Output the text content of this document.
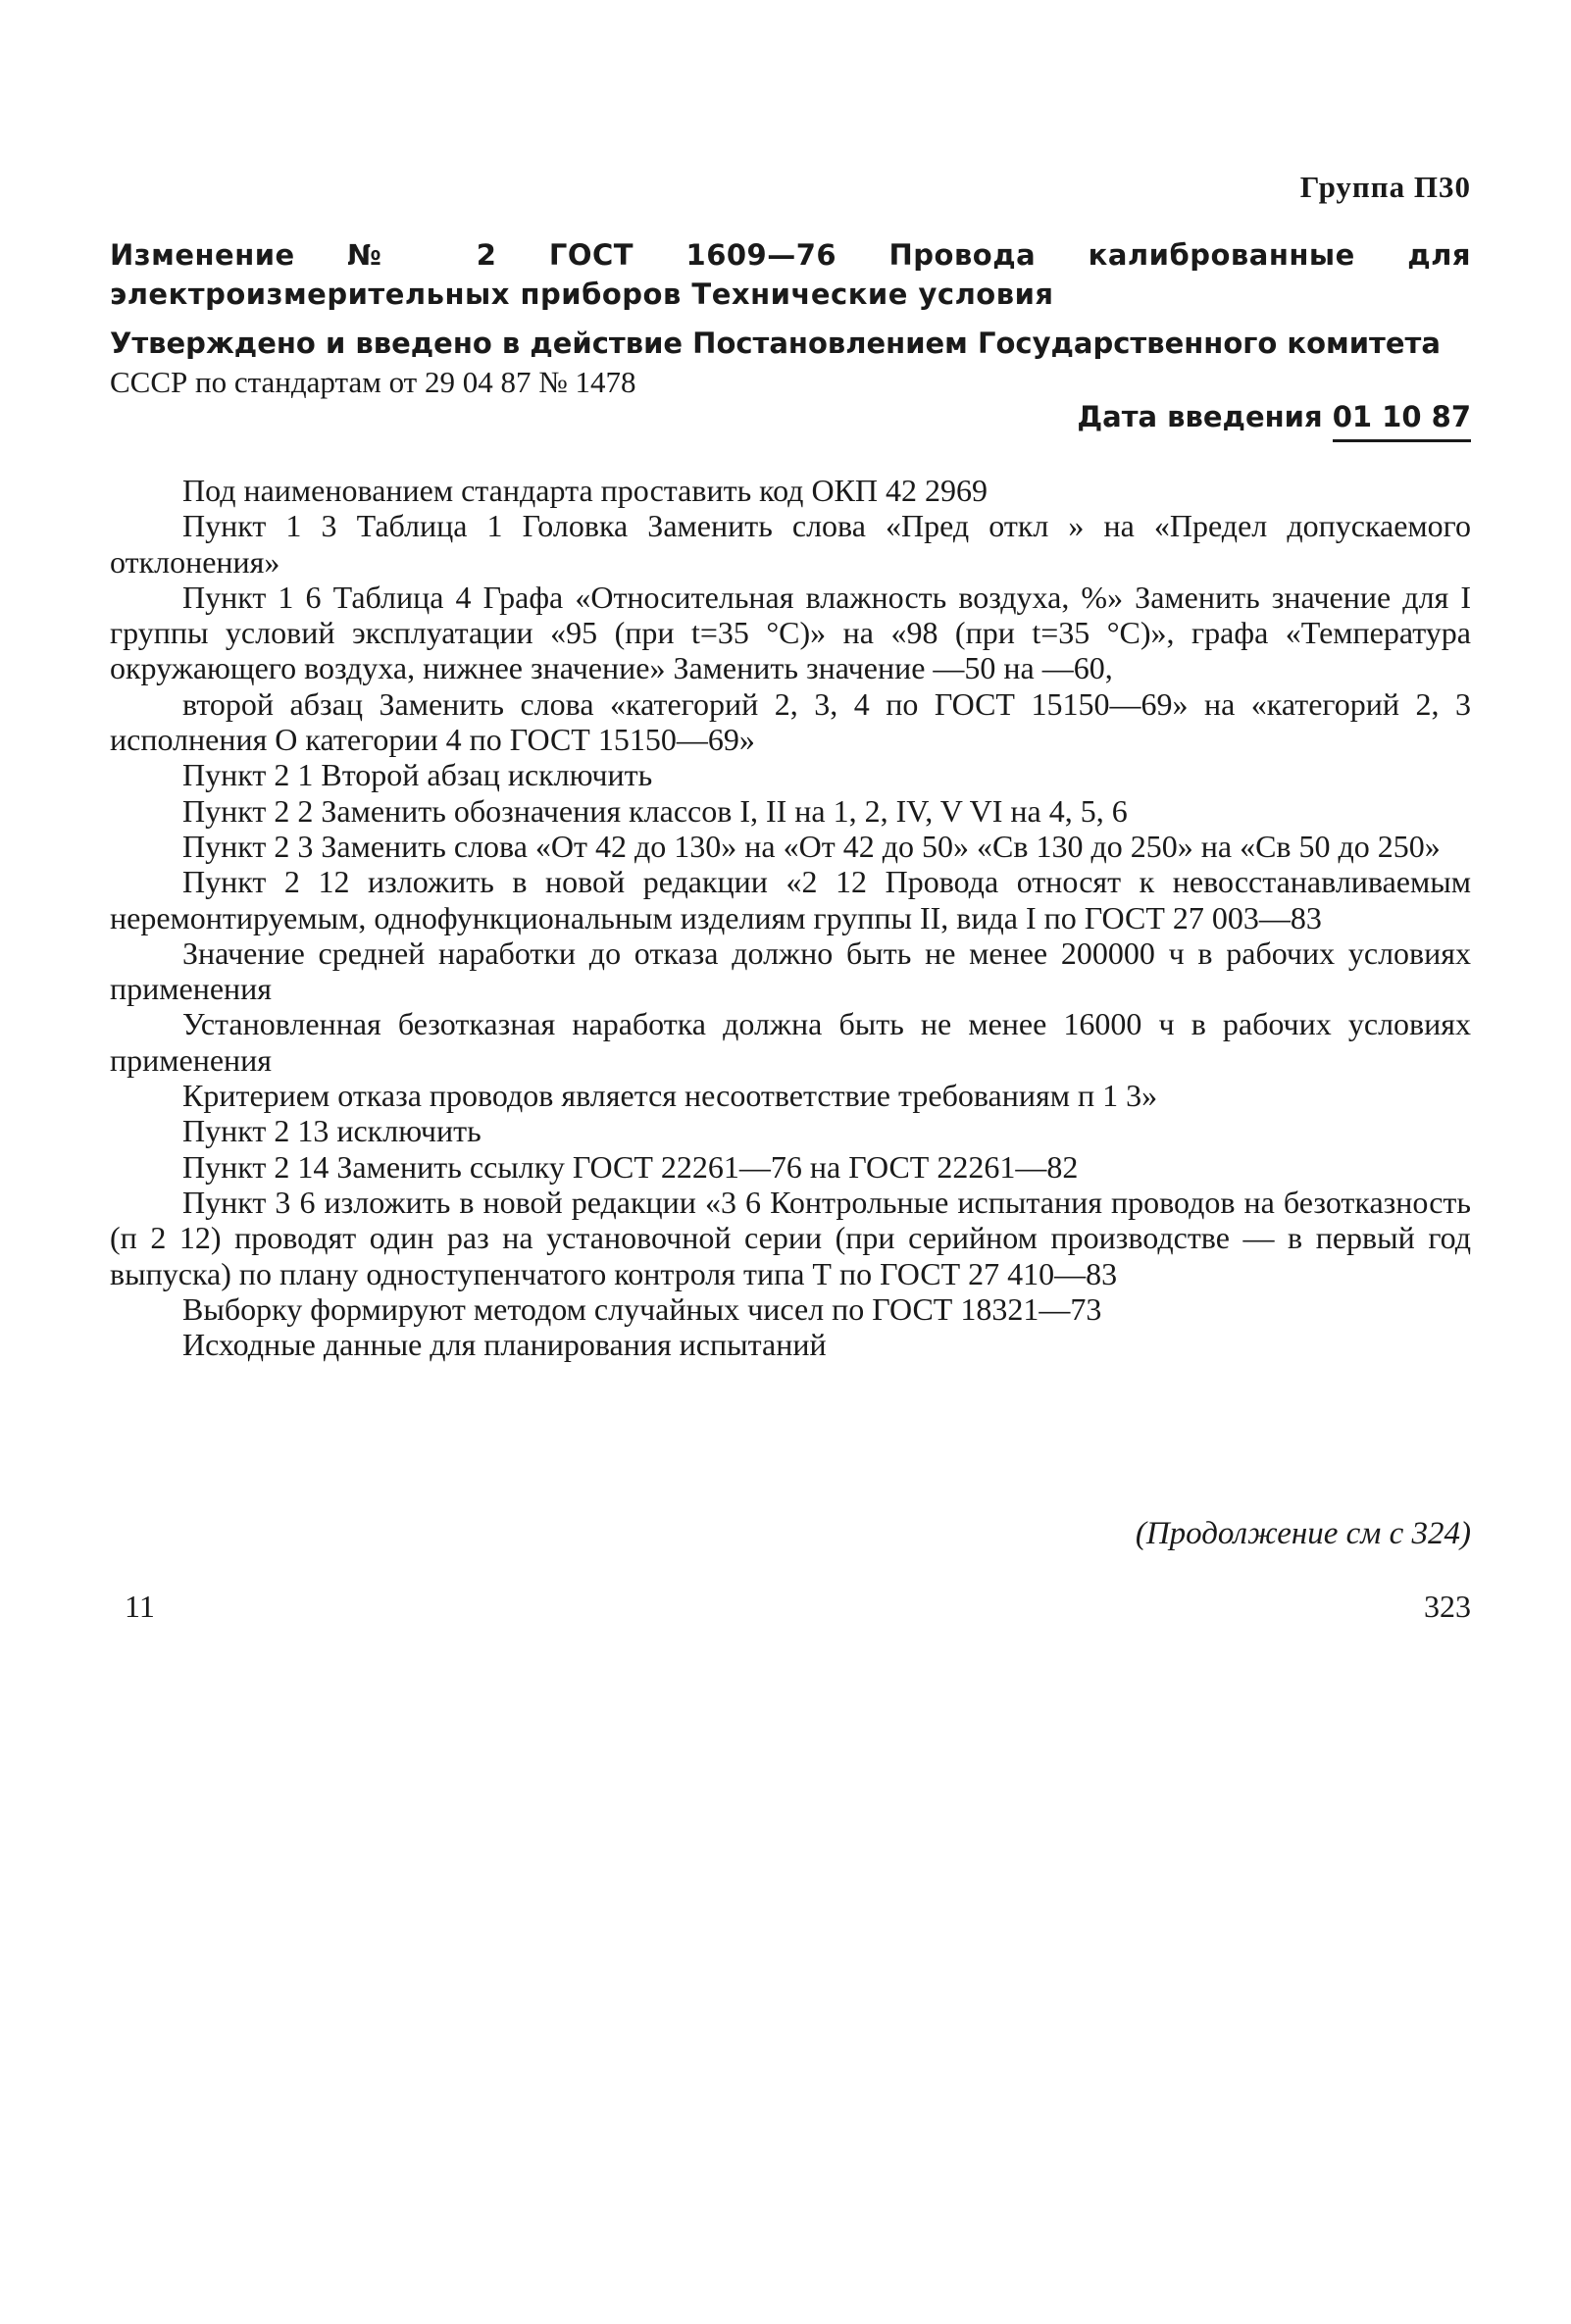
Группа П30
Изменение № 2 ГОСТ 1609—76 Провода калиброванные для электроизмерительных приборов Технические условия
Утверждено и введено в действие Постановлением Государственного комитета
СССР по стандартам от 29 04 87 № 1478
Дата введения 01 10 87

Под наименованием стандарта проставить код ОКП 42 2969

Пункт 1 3 Таблица 1 Головка Заменить слова «Пред откл » на «Предел допускаемого отклонения»

Пункт 1 6 Таблица 4 Графа «Относительная влажность воздуха, %» Заменить значение для I группы условий эксплуатации «95 (при t=35 °C)» на «98 (при t=35 °C)», графа «Температура окружающего воздуха, нижнее значение» Заменить значение —50 на —60,

второй абзац Заменить слова «категорий 2, 3, 4 по ГОСТ 15150—69» на «категорий 2, 3 исполнения О категории 4 по ГОСТ 15150—69»

Пункт 2 1 Второй абзац исключить

Пункт 2 2 Заменить обозначения классов I, II на 1, 2, IV, V VI на 4, 5, 6

Пункт 2 3 Заменить слова «От 42 до 130» на «От 42 до 50» «Св 130 до 250» на «Св 50 до 250»

Пункт 2 12 изложить в новой редакции «2 12 Провода относят к невосстанавливаемым неремонтируемым, однофункциональным изделиям группы II, вида I по ГОСТ 27 003—83

Значение средней наработки до отказа должно быть не менее 200000 ч в рабочих условиях применения

Установленная безотказная наработка должна быть не менее 16000 ч в рабочих условиях применения

Критерием отказа проводов является несоответствие требованиям п 1 3»

Пункт 2 13 исключить

Пункт 2 14 Заменить ссылку ГОСТ 22261—76 на ГОСТ 22261—82

Пункт 3 6 изложить в новой редакции «3 6 Контрольные испытания проводов на безотказность (п 2 12) проводят один раз на установочной серии (при серийном производстве — в первый год выпуска) по плану одноступенчатого контроля типа Т по ГОСТ 27 410—83

Выборку формируют методом случайных чисел по ГОСТ 18321—73

Исходные данные для планирования испытаний

(Продолжение см с 324)
11	323
